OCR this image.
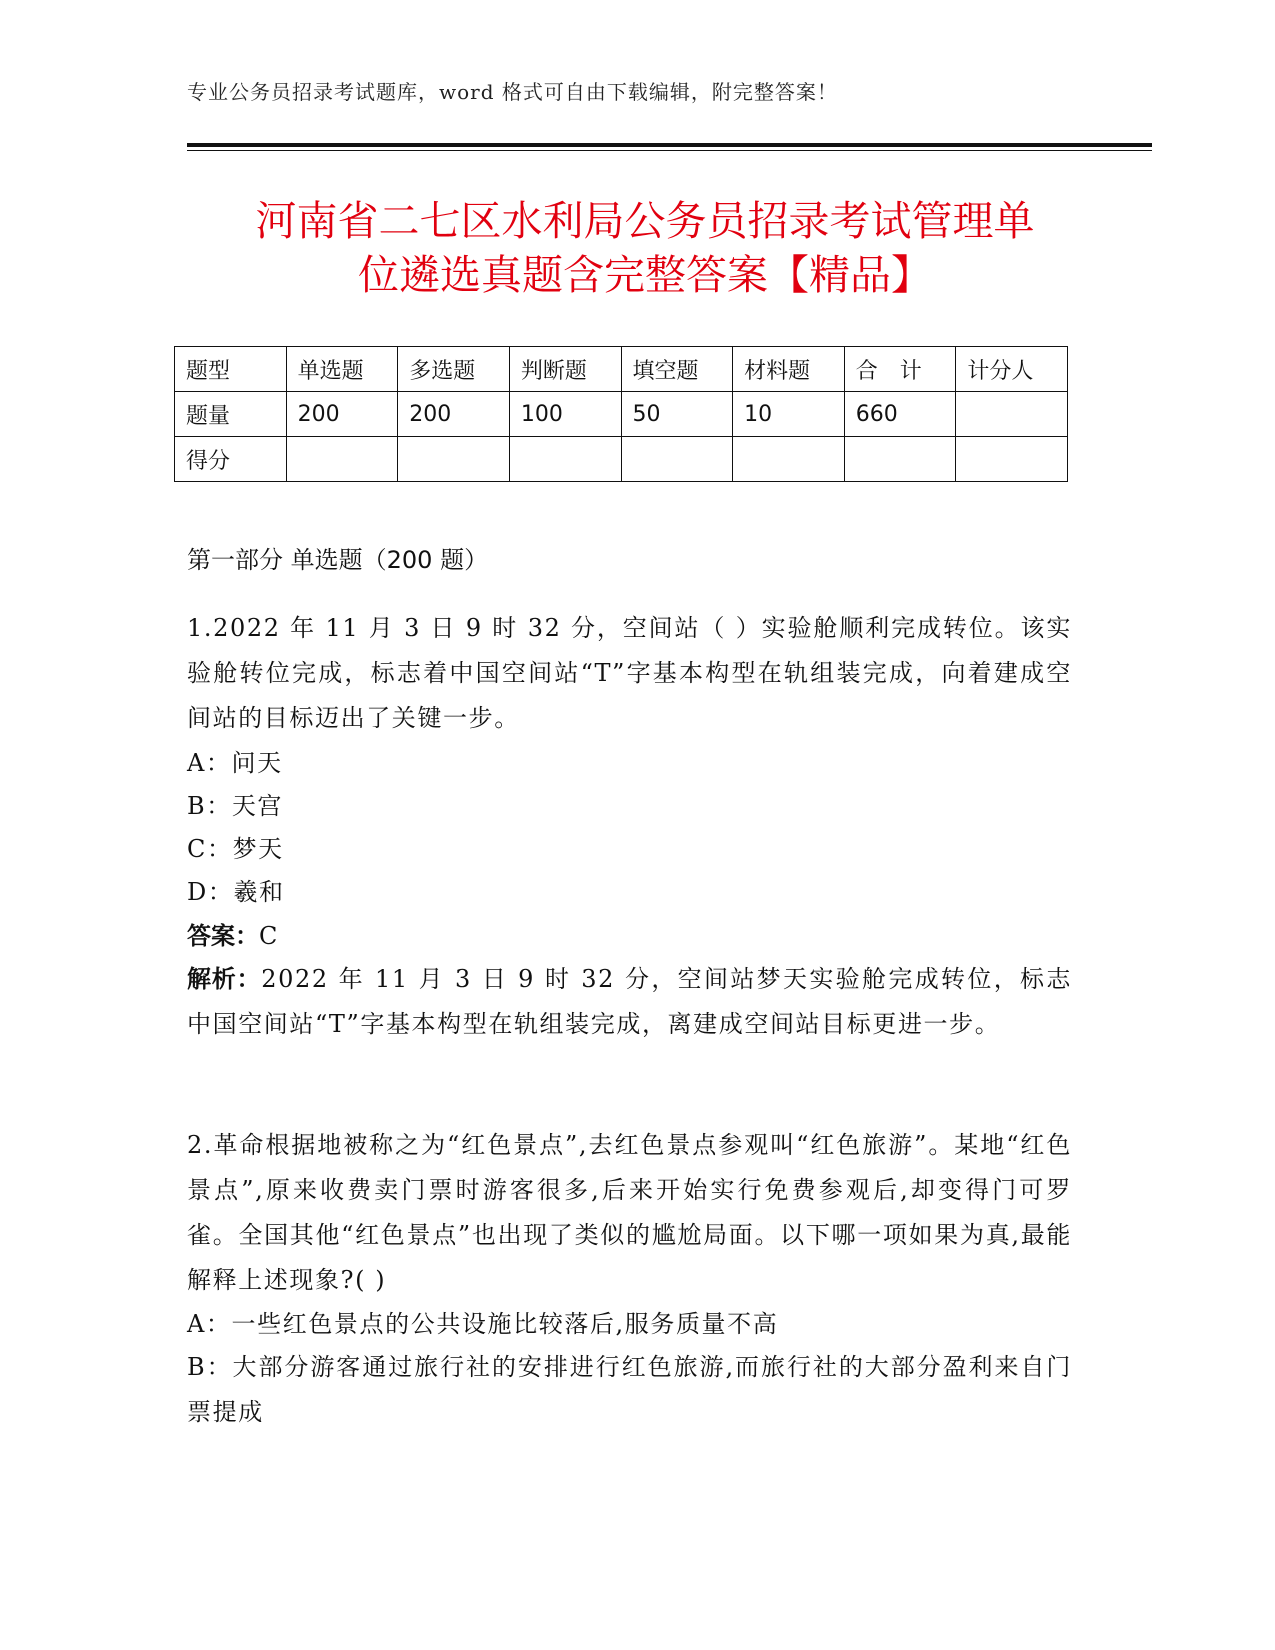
专业公务员招录考试题库，word 格式可自由下载编辑，附完整答案！
河南省二七区水利局公务员招录考试管理单
位遴选真题含完整答案【精品】
题型	单选题	多选题	判断题	填空题	材料题	合　计	计分人
题量	200	200	100	50	10	660	
得分							
第一部分 单选题（200 题）
1.2022 年 11 月 3 日 9 时 32 分，空间站（ ）实验舱顺利完成转位。该实验舱转位完成，标志着中国空间站“T”字基本构型在轨组装完成，向着建成空间站的目标迈出了关键一步。
A：问天
B：天宫
C：梦天
D：羲和
答案：C
解析：2022 年 11 月 3 日 9 时 32 分，空间站梦天实验舱完成转位，标志中国空间站“T”字基本构型在轨组装完成，离建成空间站目标更进一步。
2.革命根据地被称之为“红色景点”,去红色景点参观叫“红色旅游”。某地“红色景点”,原来收费卖门票时游客很多,后来开始实行免费参观后,却变得门可罗雀。全国其他“红色景点”也出现了类似的尴尬局面。以下哪一项如果为真,最能解释上述现象?( )
A：一些红色景点的公共设施比较落后,服务质量不高
B：大部分游客通过旅行社的安排进行红色旅游,而旅行社的大部分盈利来自门票提成
